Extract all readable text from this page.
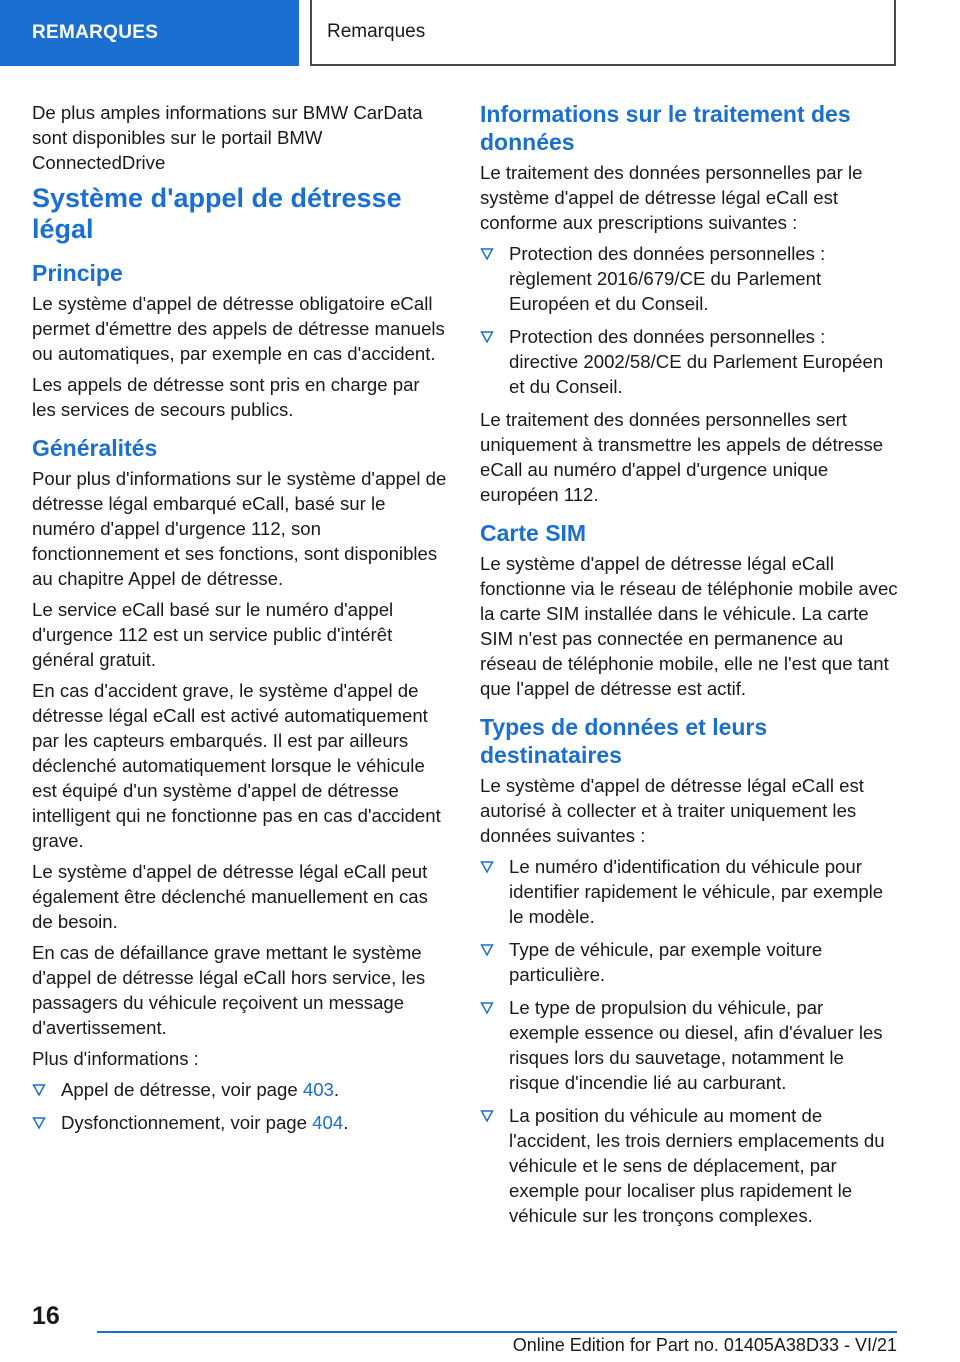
REMARQUES	Remarques

De plus amples informations sur BMW CarData sont disponibles sur le portail BMW ConnectedDrive

Système d'appel de détresse légal
Principe

Le système d'appel de détresse obligatoire eCall permet d'émettre des appels de détresse manuels ou automatiques, par exemple en cas d'accident.

Les appels de détresse sont pris en charge par les services de secours publics.

Généralités

Pour plus d'informations sur le système d'appel de détresse légal embarqué eCall, basé sur le numéro d'appel d'urgence 112, son fonctionnement et ses fonctions, sont disponibles au chapitre Appel de détresse.

Le service eCall basé sur le numéro d'appel d'urgence 112 est un service public d'intérêt général gratuit.

En cas d'accident grave, le système d'appel de détresse légal eCall est activé automatiquement par les capteurs embarqués. Il est par ailleurs déclenché automatiquement lorsque le véhicule est équipé d'un système d'appel de détresse intelligent qui ne fonctionne pas en cas d'accident grave.

Le système d'appel de détresse légal eCall peut également être déclenché manuellement en cas de besoin.

En cas de défaillance grave mettant le système d'appel de détresse légal eCall hors service, les passagers du véhicule reçoivent un message d'avertissement.

Plus d'informations :

Appel de détresse, voir page 403.
Dysfonctionnement, voir page 404.
Informations sur le traitement des données

Le traitement des données personnelles par le système d'appel de détresse légal eCall est conforme aux prescriptions suivantes :

Protection des données personnelles : règlement 2016/679/CE du Parlement Européen et du Conseil.
Protection des données personnelles : directive 2002/58/CE du Parlement Européen et du Conseil.

Le traitement des données personnelles sert uniquement à transmettre les appels de détresse eCall au numéro d'appel d'urgence unique européen 112.

Carte SIM

Le système d'appel de détresse légal eCall fonctionne via le réseau de téléphonie mobile avec la carte SIM installée dans le véhicule. La carte SIM n'est pas connectée en permanence au réseau de téléphonie mobile, elle ne l'est que tant que l'appel de détresse est actif.

Types de données et leurs destinataires

Le système d'appel de détresse légal eCall est autorisé à collecter et à traiter uniquement les données suivantes :

Le numéro d'identification du véhicule pour identifier rapidement le véhicule, par exemple le modèle.
Type de véhicule, par exemple voiture particulière.
Le type de propulsion du véhicule, par exemple essence ou diesel, afin d'évaluer les risques lors du sauvetage, notamment le risque d'incendie lié au carburant.
La position du véhicule au moment de l'accident, les trois derniers emplacements du véhicule et le sens de déplacement, par exemple pour localiser plus rapidement le véhicule sur les tronçons complexes.
16
Online Edition for Part no. 01405A38D33 - VI/21
